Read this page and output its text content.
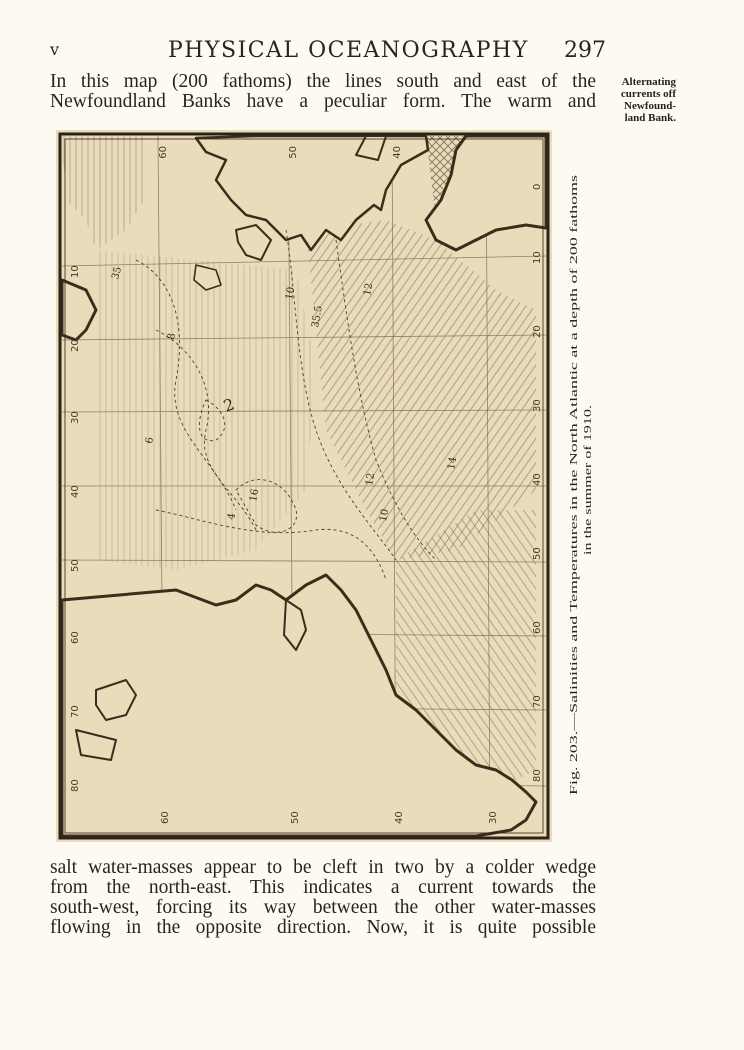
v	PHYSICAL OCEANOGRAPHY 297
In this map (200 fathoms) the lines south and east of the
Newfoundland Banks have a peculiar form. The warm and
Alternating
currents off
Newfound-
land Bank.
60	50	40
60	50	40	30
10
20
30
40
50
60
70
80
0
10
20
30
40
50
60
70
80
35
10
8
35.5
12
6
2
4
16
10
12
14	Fig. 203.—Salinities and Temperatures in the North Atlantic at a depth of 200 fathoms in the summer of 1910.
salt water-masses appear to be cleft in two by a colder wedge
from the north-east. This indicates a current towards the
south-west, forcing its way between the other water-masses
flowing in the opposite direction. Now, it is quite possible
